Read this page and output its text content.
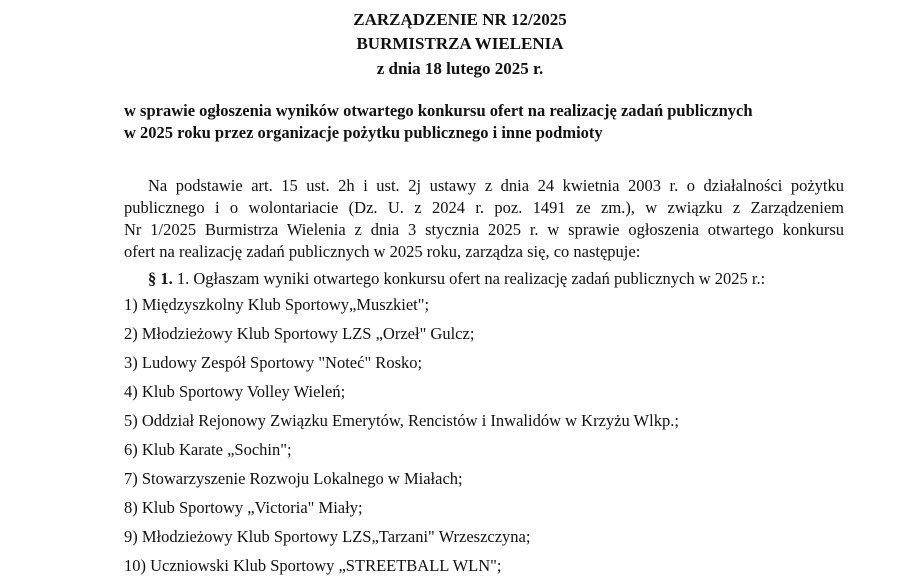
ZARZĄDZENIE NR 12/2025
BURMISTRZA WIELENIA
z dnia 18 lutego 2025 r.
w sprawie ogłoszenia wyników otwartego konkursu ofert na realizację zadań publicznych
w 2025 roku przez organizacje pożytku publicznego i inne podmioty
Na podstawie art. 15 ust. 2h i ust. 2j ustawy z dnia 24 kwietnia 2003 r. o działalności pożytku
publicznego i o wolontariacie (Dz. U. z 2024 r. poz. 1491 ze zm.), w związku z Zarządzeniem
Nr 1/2025 Burmistrza Wielenia z dnia 3 stycznia 2025 r. w sprawie ogłoszenia otwartego konkursu
ofert na realizację zadań publicznych w 2025 roku, zarządza się, co następuje:
§ 1. 1. Ogłaszam wyniki otwartego konkursu ofert na realizację zadań publicznych w 2025 r.:
1) Międzyszkolny Klub Sportowy„Muszkiet";
2) Młodzieżowy Klub Sportowy LZS „Orzeł" Gulcz;
3) Ludowy Zespół Sportowy "Noteć" Rosko;
4) Klub Sportowy Volley Wieleń;
5) Oddział Rejonowy Związku Emerytów, Rencistów i Inwalidów w Krzyżu Wlkp.;
6) Klub Karate „Sochin";
7) Stowarzyszenie Rozwoju Lokalnego w Miałach;
8) Klub Sportowy „Victoria" Miały;
9) Młodzieżowy Klub Sportowy LZS„Tarzani" Wrzeszczyna;
10) Uczniowski Klub Sportowy „STREETBALL WLN";
